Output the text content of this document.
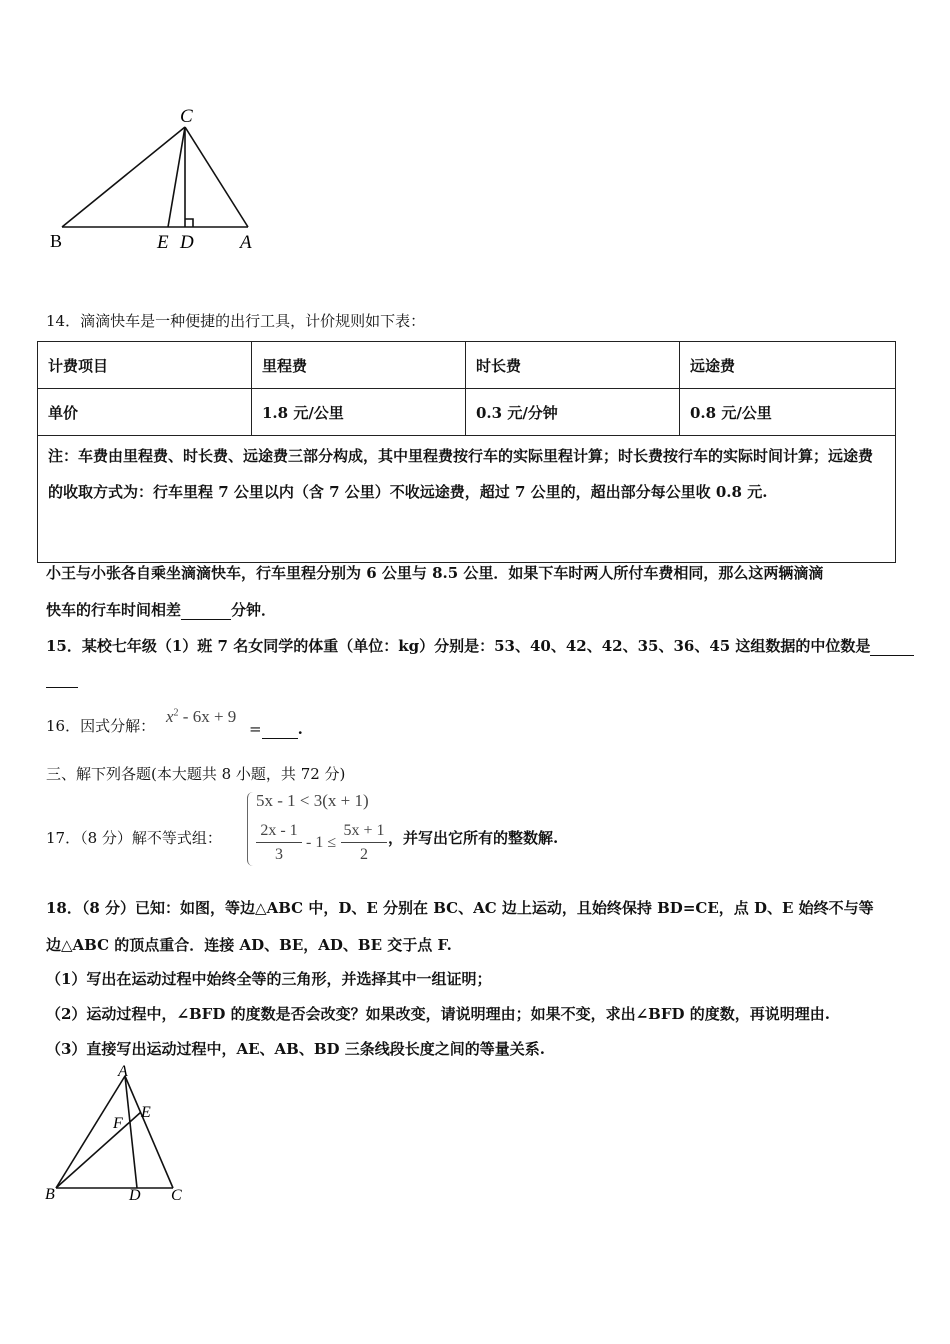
C
B	E D A
14．滴滴快车是一种便捷的出行工具，计价规则如下表：
计费项目	里程费	时长费	远途费
单价	1.8 元/公里	0.3 元/分钟	0.8 元/公里
注：车费由里程费、时长费、远途费三部分构成，其中里程费按行车的实际里程计算；时长费按行车的实际时间计算；远途费的收取方式为：行车里程 7 公里以内（含 7 公里）不收远途费，超过 7 公里的，超出部分每公里收 0.8 元.			
小王与小张各自乘坐滴滴快车，行车里程分别为 6 公里与 8.5 公里．如果下车时两人所付车费相同，那么这两辆滴滴
快车的行车时间相差	分钟．
15．某校七年级（1）班 7 名女同学的体重（单位：kg）分别是：53、40、42、42、35、36、45 这组数据的中位数是
16．因式分解： $x^2 - 6x + 9$
= .
三、解下列各题(本大题共 8 小题，共 72 分)
17．（8 分）解不等式组：
5x - 1 < 3(x + 1)
$\frac{2x - 1}{3} - 1 \le \frac{5x + 1}{2}$ ，并写出它所有的整数解.
18．（8 分）已知：如图，等边△ABC 中，D、E 分别在 BC、AC 边上运动，且始终保持 BD=CE，点 D、E 始终不与等
边△ABC 的顶点重合．连接 AD、BE，AD、BE 交于点 F.
（1）写出在运动过程中始终全等的三角形，并选择其中一组证明；
（2）运动过程中，∠BFD 的度数是否会改变？如果改变，请说明理由；如果不变，求出∠BFD 的度数，再说明理由.
（3）直接写出运动过程中，AE、AB、BD 三条线段长度之间的等量关系.
A
E
F
B	D C
